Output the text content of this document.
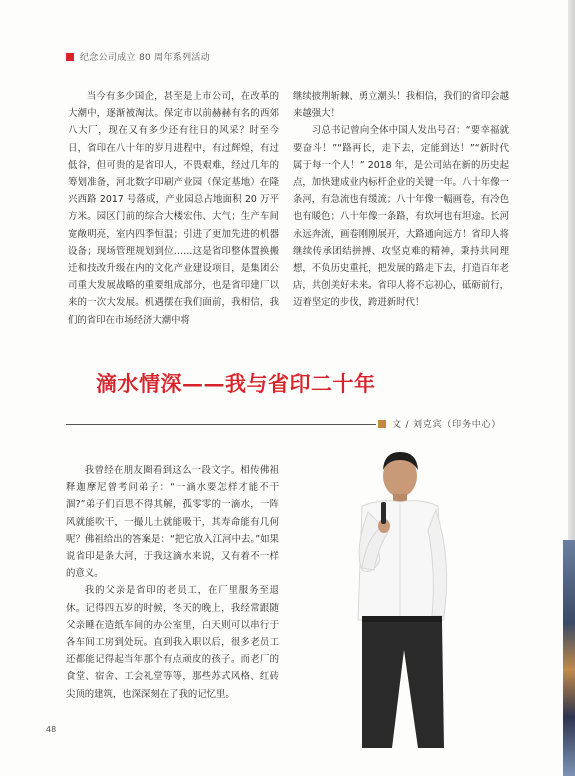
纪念公司成立 80 周年系列活动

当今有多少国企，甚至是上市公司，在改革的大潮中，逐渐被淘汰。保定市以前赫赫有名的西郊八大厂，现在又有多少还有往日的风采？时至今日，省印在八十年的岁月进程中，有过辉煌，有过低谷，但可贵的是省印人，不畏艰难，经过几年的筹划准备，河北数字印刷产业园（保定基地）在隆兴西路 2017 号落成，产业园总占地面积 20 万平方米。园区门前的综合大楼宏伟、大气；生产车间宽敞明亮，室内四季恒温；引进了更加先进的机器设备；现场管理规划到位……这是省印整体置换搬迁和技改升级在内的文化产业建设项目，是集团公司重大发展战略的重要组成部分，也是省印建厂以来的一次大发展。机遇摆在我们面前，我相信，我们的省印在市场经济大潮中将

继续披荆斩棘、勇立潮头！我相信，我们的省印会越来越强大！

习总书记曾向全体中国人发出号召：“要幸福就要奋斗！”“路再长，走下去，定能到达！”“新时代属于每一个人！” 2018 年，是公司站在新的历史起点，加快建成业内标杆企业的关键一年。八十年像一条河，有急流也有缓流；八十年像一幅画卷，有冷色也有暖色；八十年像一条路，有坎坷也有坦途。长河永远奔流，画卷刚刚展开，大路通向远方！省印人将继续传承团结拼搏、攻坚克难的精神，秉持共同理想，不负历史重托，把发展的路走下去，打造百年老店，共创美好未来。省印人将不忘初心，砥砺前行，迈着坚定的步伐，跨进新时代！

滴水情深——我与省印二十年
文 / 刘克宾（印务中心）

我曾经在朋友圈看到这么一段文字。相传佛祖释迦摩尼曾考问弟子：“一滴水要怎样才能不干涸?”弟子们百思不得其解，孤零零的一滴水，一阵风就能吹干，一撮儿土就能吸干，其寿命能有几何呢？佛祖给出的答案是：“把它放入江河中去。”如果说省印是条大河，于我这滴水来说，又有着不一样的意义。

我的父亲是省印的老员工，在厂里服务至退休。记得四五岁的时候，冬天的晚上，我经常跟随父亲睡在造纸车间的办公室里，白天则可以串行于各车间工房到处玩。直到我入职以后，很多老员工还都能记得起当年那个有点顽皮的孩子。而老厂的食堂、宿舍、工会礼堂等等，那些苏式风格、红砖尖顶的建筑，也深深刻在了我的记忆里。

48
